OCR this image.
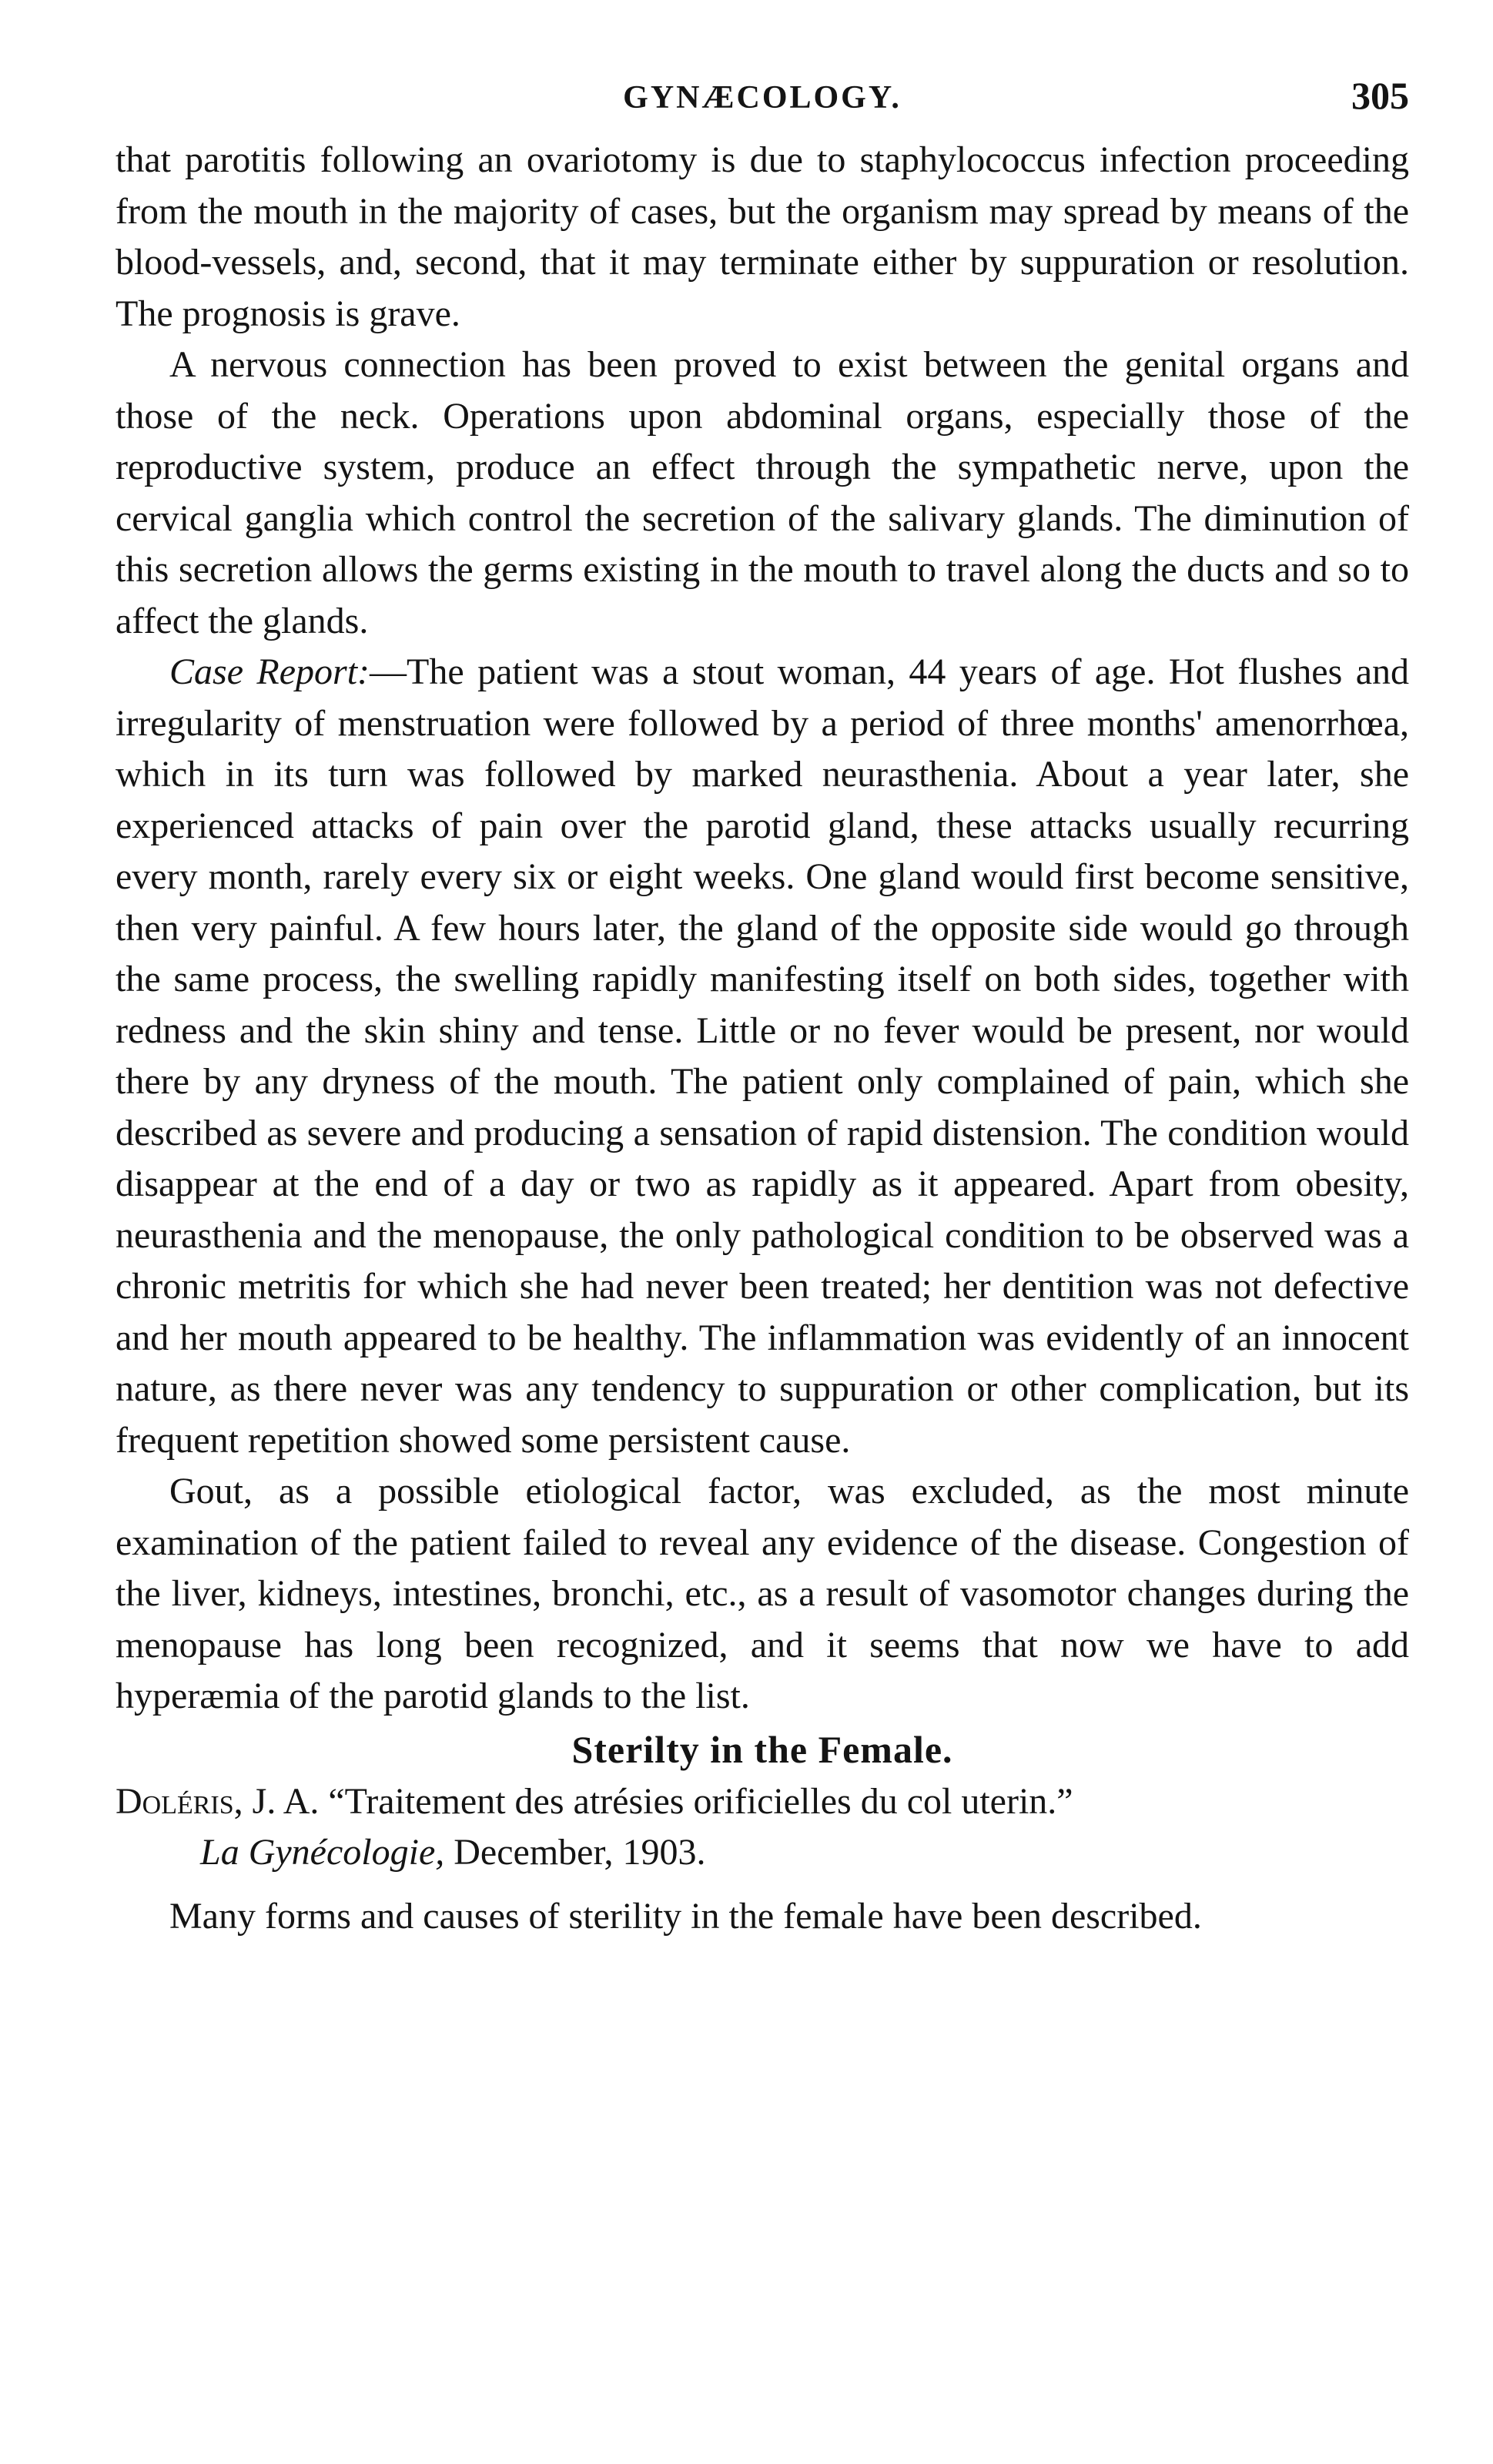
GYNÆCOLOGY.	305

that parotitis following an ovariotomy is due to staphylococcus infection proceeding from the mouth in the majority of cases, but the organism may spread by means of the blood-vessels, and, second, that it may terminate either by suppuration or resolution. The prognosis is grave.

A nervous connection has been proved to exist between the genital organs and those of the neck. Operations upon abdominal organs, especially those of the reproductive system, produce an effect through the sympathetic nerve, upon the cervical ganglia which control the secretion of the salivary glands. The diminution of this secretion allows the germs existing in the mouth to travel along the ducts and so to affect the glands.

Case Report:—The patient was a stout woman, 44 years of age. Hot flushes and irregularity of menstruation were followed by a period of three months' amenorrhœa, which in its turn was followed by marked neurasthenia. About a year later, she experienced attacks of pain over the parotid gland, these attacks usually recurring every month, rarely every six or eight weeks. One gland would first become sensitive, then very painful. A few hours later, the gland of the opposite side would go through the same process, the swelling rapidly manifesting itself on both sides, together with redness and the skin shiny and tense. Little or no fever would be present, nor would there by any dryness of the mouth. The patient only complained of pain, which she described as severe and producing a sensation of rapid distension. The condition would disappear at the end of a day or two as rapidly as it appeared. Apart from obesity, neurasthenia and the menopause, the only pathological condition to be observed was a chronic metritis for which she had never been treated; her dentition was not defective and her mouth appeared to be healthy. The inflammation was evidently of an innocent nature, as there never was any tendency to suppuration or other complication, but its frequent repetition showed some persistent cause.

Gout, as a possible etiological factor, was excluded, as the most minute examination of the patient failed to reveal any evidence of the disease. Congestion of the liver, kidneys, intestines, bronchi, etc., as a result of vasomotor changes during the menopause has long been recognized, and it seems that now we have to add hyperæmia of the parotid glands to the list.

Sterilty in the Female.

Doléris, J. A. “Traitement des atrésies orificielles du col uterin.”

La Gynécologie, December, 1903.

Many forms and causes of sterility in the female have been described.
